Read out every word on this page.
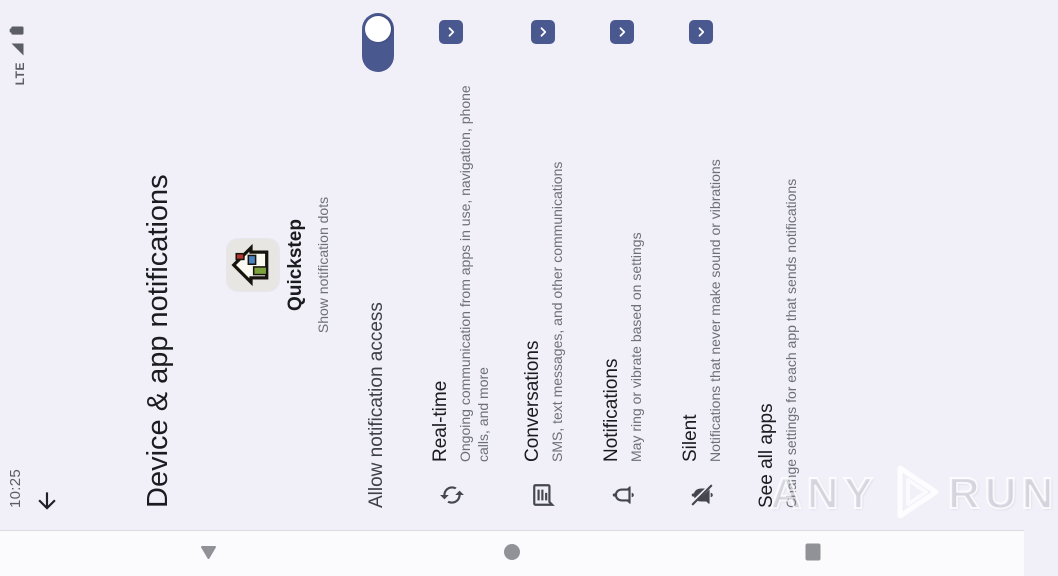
10:25
LTE
Device & app notifications	Quickstep Show notification dots
Allow notification access Real-time Ongoing communication from apps in use, navigation, phone calls, and more Conversations SMS, text messages, and other communications Notifications May ring or vibrate based on settings Silent Notifications that never make sound or vibrations See all apps Change settings for each app that sends notifications
